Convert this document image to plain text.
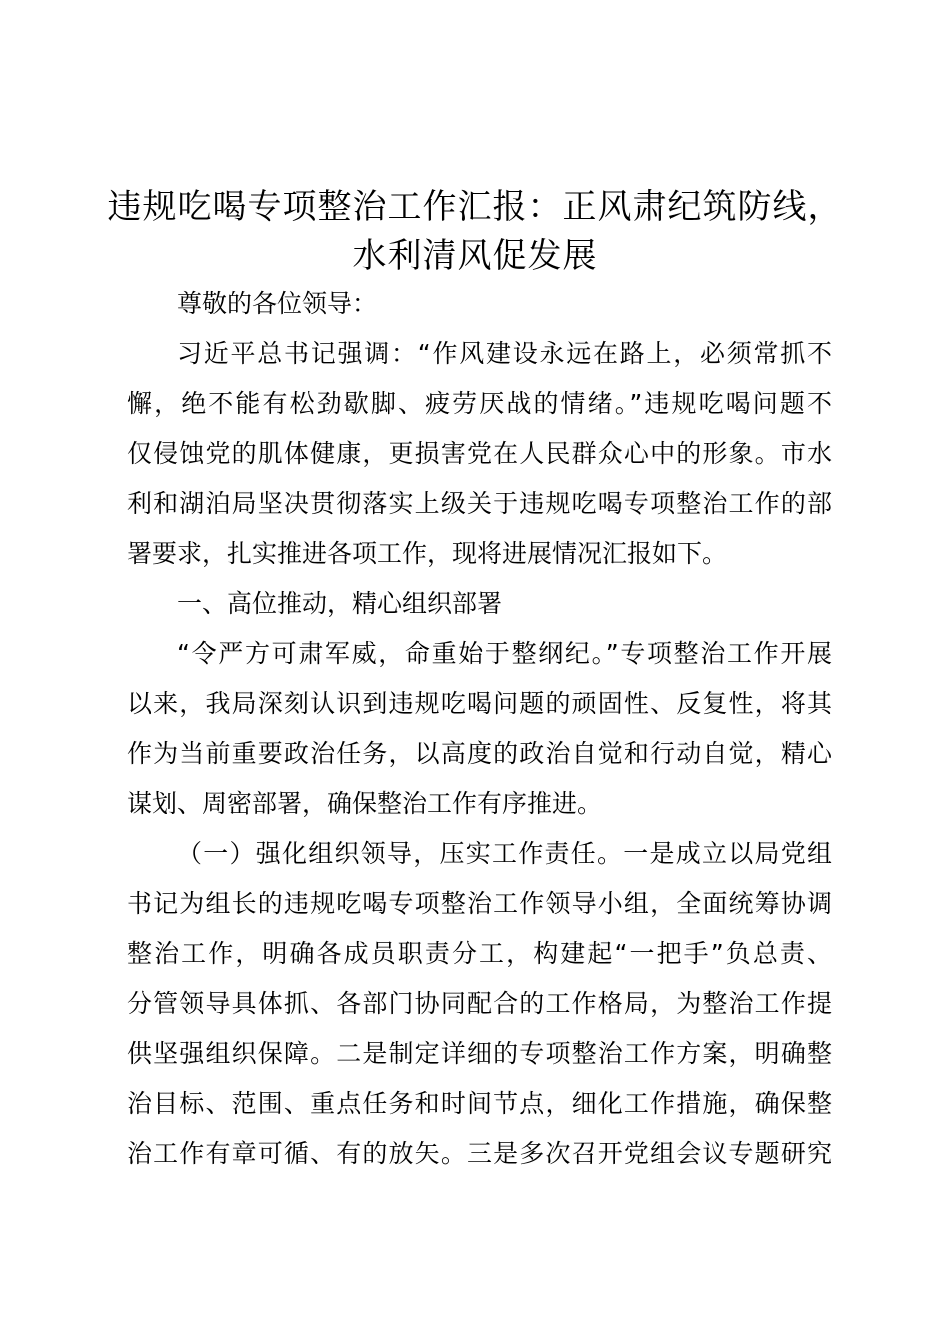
违规吃喝专项整治工作汇报：正风肃纪筑防线，
水利清风促发展

尊敬的各位领导：

习近平总书记强调：“作风建设永远在路上，必须常抓不

懈，绝不能有松劲歇脚、疲劳厌战的情绪。”违规吃喝问题不

仅侵蚀党的肌体健康，更损害党在人民群众心中的形象。市水

利和湖泊局坚决贯彻落实上级关于违规吃喝专项整治工作的部

署要求，扎实推进各项工作，现将进展情况汇报如下。

一、高位推动，精心组织部署

“令严方可肃军威，命重始于整纲纪。”专项整治工作开展

以来，我局深刻认识到违规吃喝问题的顽固性、反复性，将其

作为当前重要政治任务，以高度的政治自觉和行动自觉，精心

谋划、周密部署，确保整治工作有序推进。

（一）强化组织领导，压实工作责任。一是成立以局党组

书记为组长的违规吃喝专项整治工作领导小组，全面统筹协调

整治工作，明确各成员职责分工，构建起“一把手”负总责、

分管领导具体抓、各部门协同配合的工作格局，为整治工作提

供坚强组织保障。二是制定详细的专项整治工作方案，明确整

治目标、范围、重点任务和时间节点，细化工作措施，确保整

治工作有章可循、有的放矢。三是多次召开党组会议专题研究
